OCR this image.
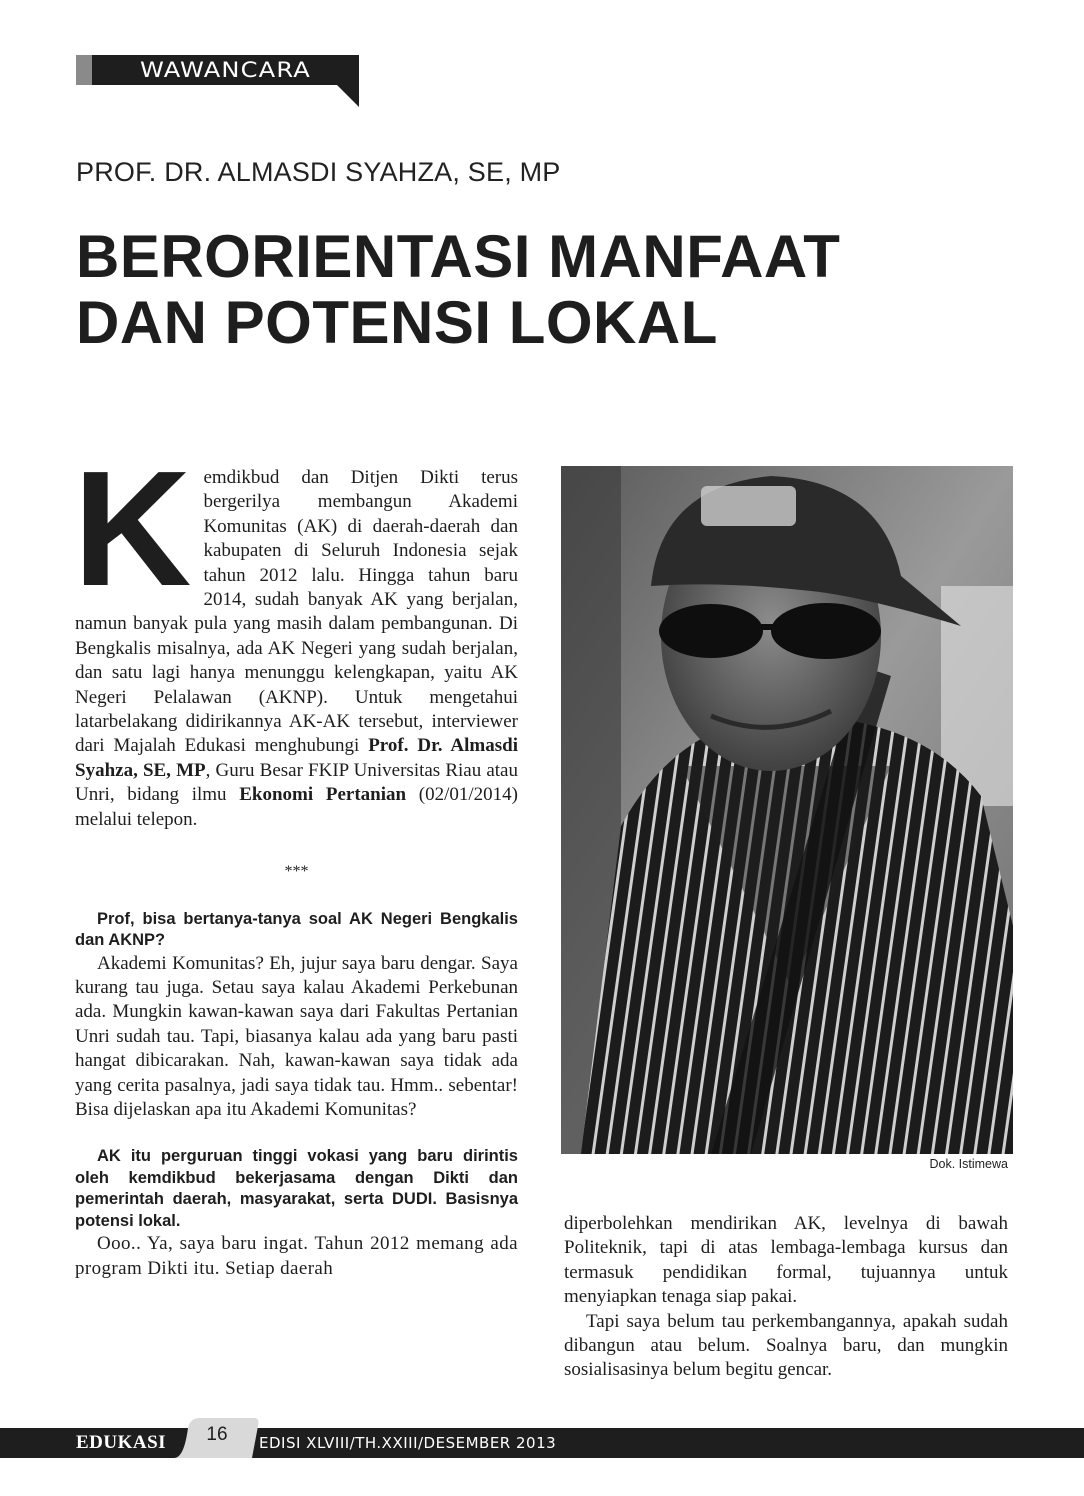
WAWANCARA
PROF. DR. ALMASDI SYAHZA, SE, MP
BERORIENTASI MANFAAT
DAN POTENSI LOKAL

Kemdikbud dan Ditjen Dikti terus bergerilya membangun Akademi Komunitas (AK) di daerah-daerah dan kabupaten di Seluruh Indonesia sejak tahun 2012 lalu. Hingga tahun baru 2014, sudah banyak AK yang berjalan, namun banyak pula yang masih dalam pembangunan. Di Bengkalis misalnya, ada AK Negeri yang sudah berjalan, dan satu lagi hanya menunggu kelengkapan, yaitu AK Negeri Pelalawan (AKNP). Untuk mengetahui latarbelakang didirikannya AK-AK tersebut, interviewer dari Majalah Edukasi menghubungi Prof. Dr. Almasdi Syahza, SE, MP, Guru Besar FKIP Universitas Riau atau Unri, bidang ilmu Ekonomi Pertanian (02/01/2014) melalui telepon.

***

Prof, bisa bertanya-tanya soal AK Negeri Bengkalis dan AKNP?

Akademi Komunitas? Eh, jujur saya baru dengar. Saya kurang tau juga. Setau saya kalau Akademi Perkebunan ada. Mungkin kawan-kawan saya dari Fakultas Pertanian Unri sudah tau. Tapi, biasanya kalau ada yang baru pasti hangat dibicarakan. Nah, kawan-kawan saya tidak ada yang cerita pasalnya, jadi saya tidak tau. Hmm.. sebentar! Bisa dijelaskan apa itu Akademi Komunitas?

AK itu perguruan tinggi vokasi yang baru dirintis oleh kemdikbud bekerjasama dengan Dikti dan pemerintah daerah, masyarakat, serta DUDI. Basisnya potensi lokal.

Ooo.. Ya, saya baru ingat. Tahun 2012 memang ada program Dikti itu. Setiap daerah

Dok. Istimewa

diperbolehkan mendirikan AK, levelnya di bawah Politeknik, tapi di atas lembaga-lembaga kursus dan termasuk pendidikan formal, tujuannya untuk menyiapkan tenaga siap pakai.

Tapi saya belum tau perkembangannya, apakah sudah dibangun atau belum. Soalnya baru, dan mungkin sosialisasinya belum begitu gencar.

EDUKASI	16	EDISI XLVIII/TH.XXIII/DESEMBER 2013
